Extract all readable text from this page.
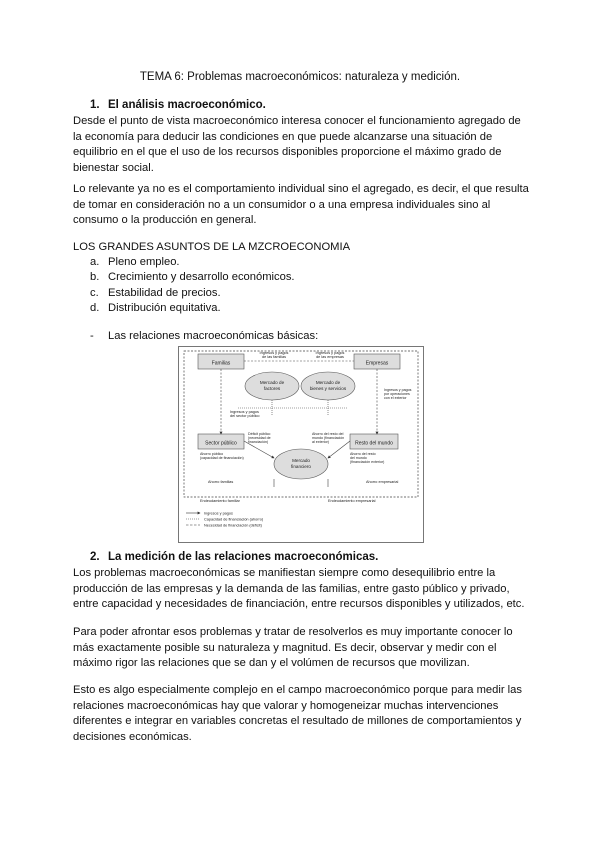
TEMA 6: Problemas macroeconómicos: naturaleza y medición.
1. El análisis macroeconómico.
Desde el punto de vista macroeconómico interesa conocer el funcionamiento agregado de
la economía para deducir las condiciones en que puede alcanzarse una situación de
equilibrio en el que el uso de los recursos disponibles proporcione el máximo grado de
bienestar social.
Lo relevante ya no es el comportamiento individual sino el agregado, es decir, el que resulta
de tomar en consideración no a un consumidor o a una empresa individuales sino al
consumo o la producción en general.
LOS GRANDES ASUNTOS DE LA MZCROECONOMIA
a. Pleno empleo.
b. Crecimiento y desarrollo económicos.
c. Estabilidad de precios.
d. Distribución equitativa.
- Las relaciones macroeconómicas básicas:
Familias	Empresas
Sector público	Resto del mundo
Mercado de
factores
Mercado de
bienes y servicios
Mercado
financiero
Ingresos y pagos
de las familias
Ingresos y pagos
de las empresas
Ingresos y pagos
del sector público
Ingresos y pagos
por operaciones
con el exterior
Déficit público
(necesidad de
financiación)
Ahorro del resto del
mundo (financiación
al exterior)
Ahorro público
(capacidad de financiación)
Ahorro del resto
del mundo
(financiación exterior)
Ahorro familias	Ahorro empresarial
Endeudamiento familiar	Endeudamiento empresarial
Ingresos y pagos
Capacidad de financiación (ahorro)
Necesidad de financiación (déficit)
2. La medición de las relaciones macroeconómicas.
Los problemas macroeconómicas se manifiestan siempre como desequilibrio entre la
producción de las empresas y la demanda de las familias, entre gasto público y privado,
entre capacidad y necesidades de financiación, entre recursos disponibles y utilizados, etc.
Para poder afrontar esos problemas y tratar de resolverlos es muy importante conocer lo
más exactamente posible su naturaleza y magnitud. Es decir, observar y medir con el
máximo rigor las relaciones que se dan y el volúmen de recursos que movilizan.
Esto es algo especialmente complejo en el campo macroeconómico porque para medir las
relaciones macroeconómicas hay que valorar y homogeneizar muchas intervenciones
diferentes e integrar en variables concretas el resultado de millones de comportamientos y
decisiones económicas.
